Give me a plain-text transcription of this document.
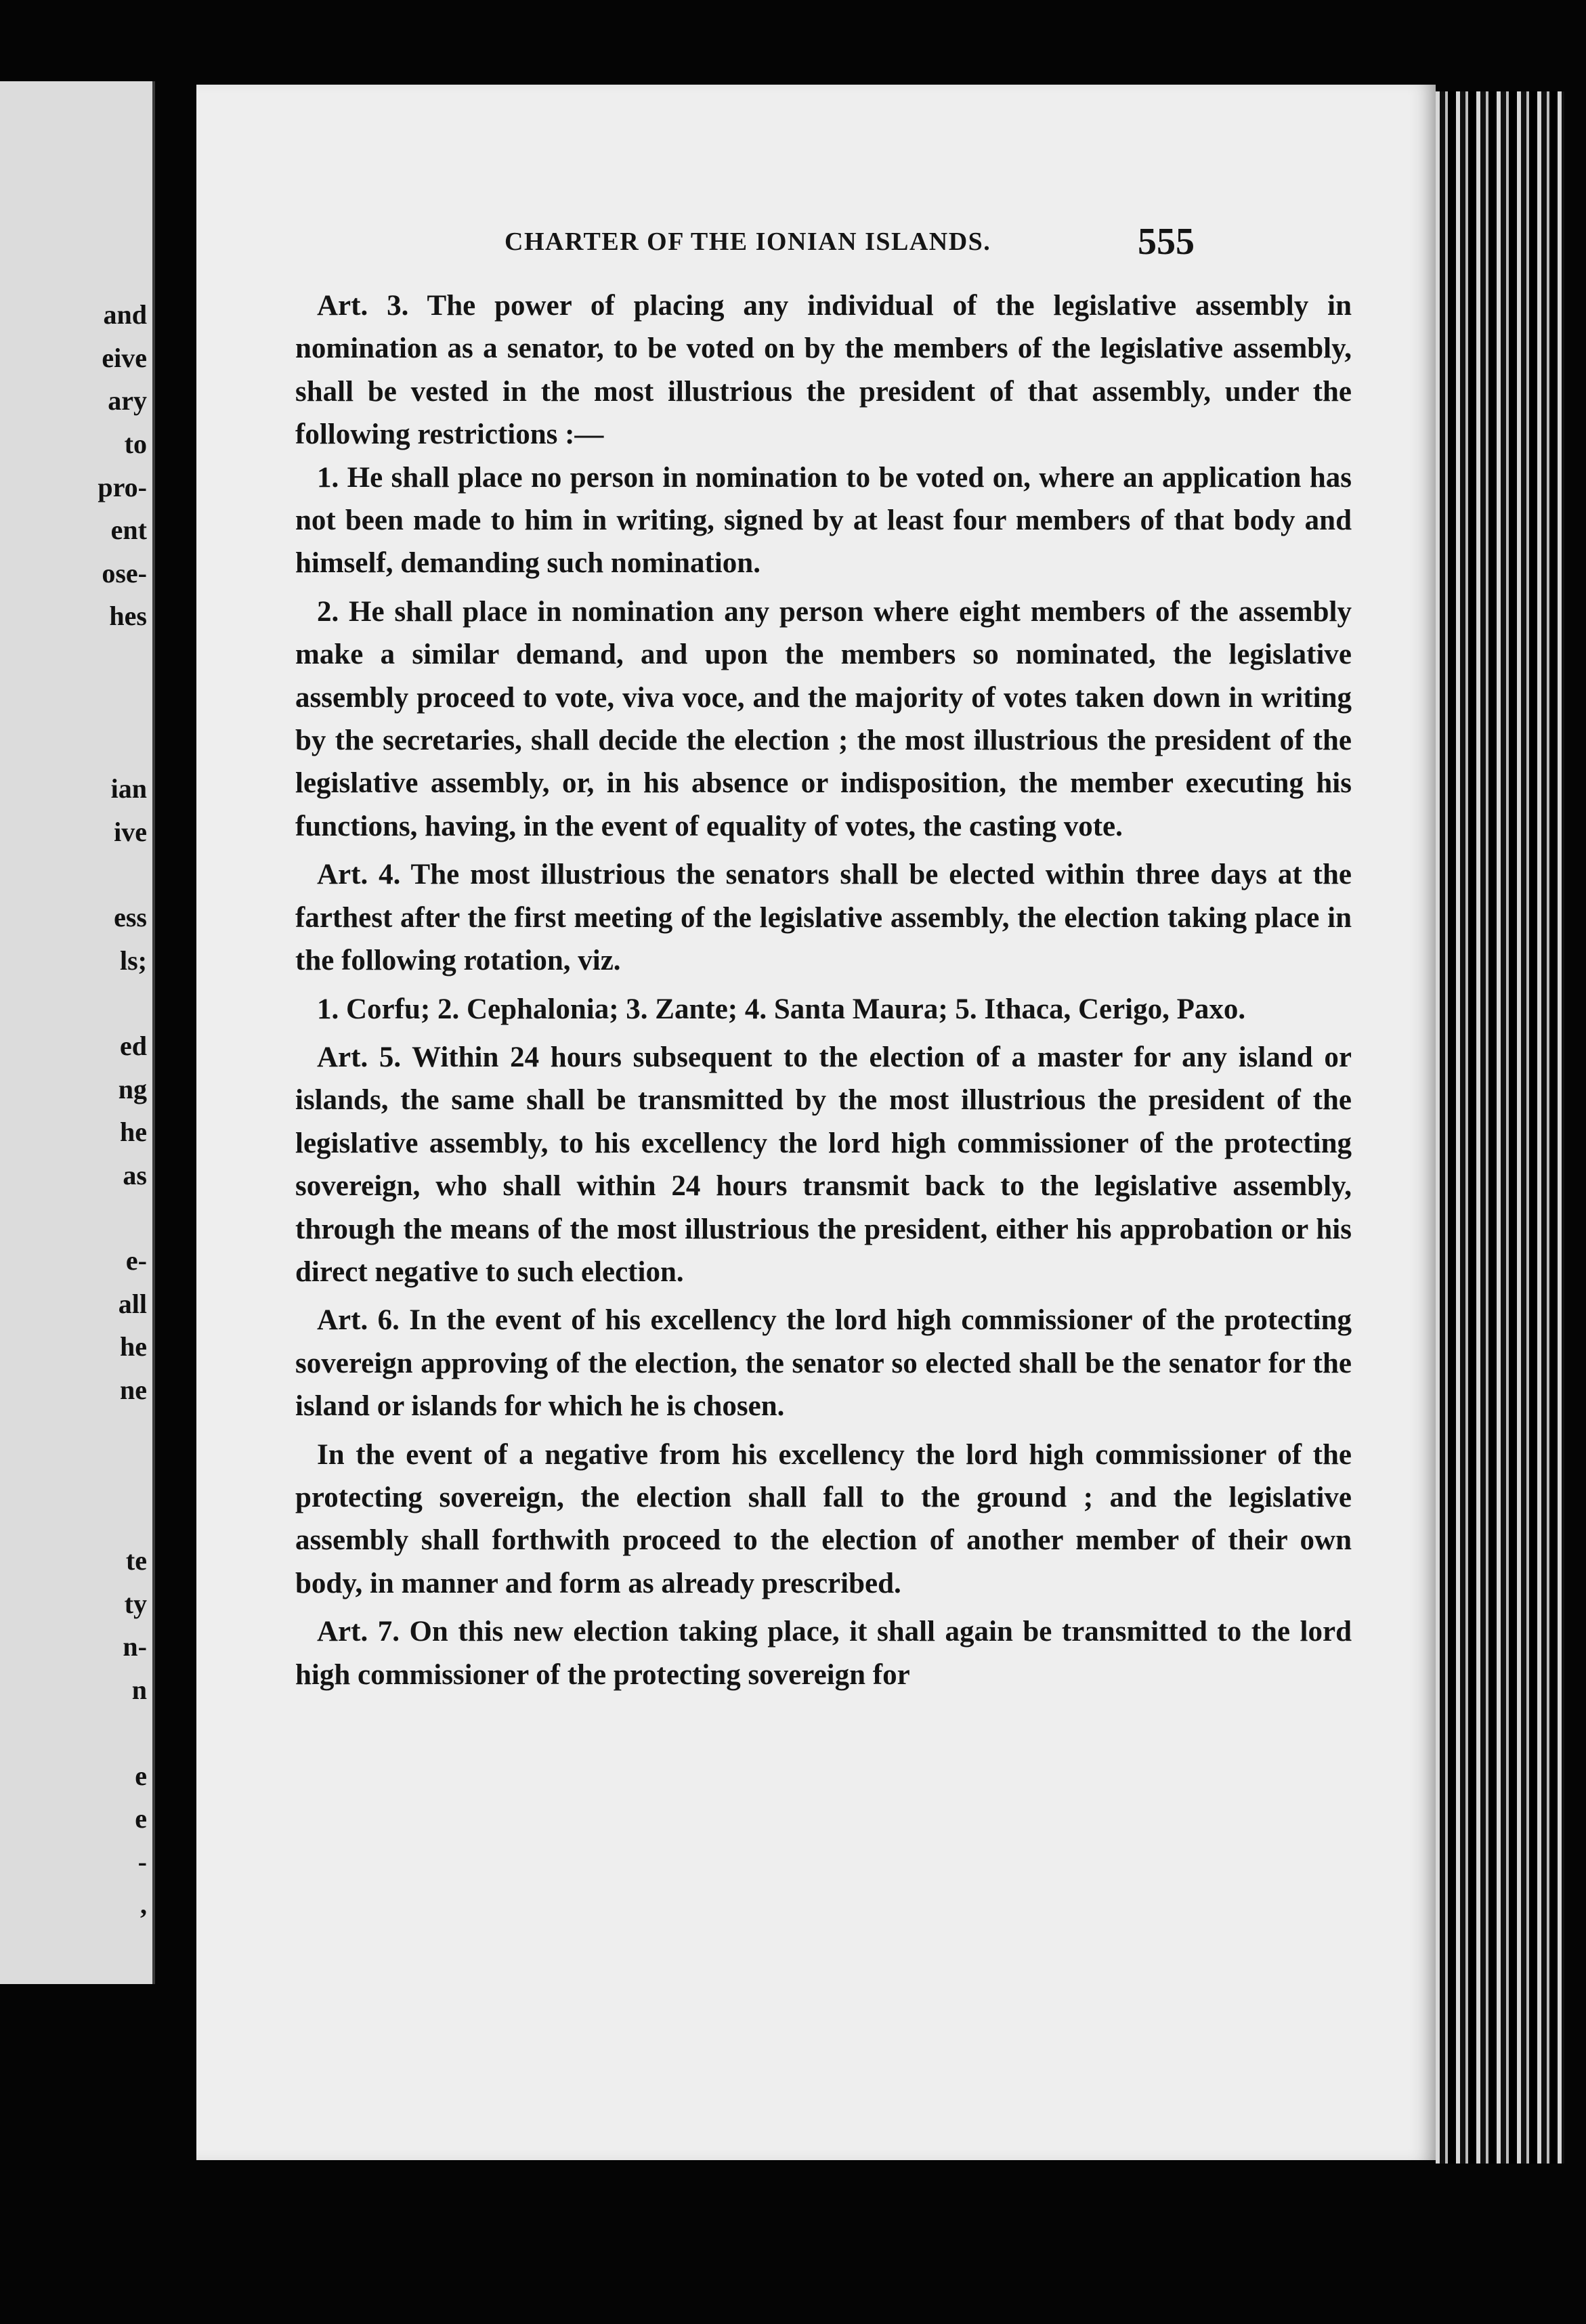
and
eive
ary
to
pro-
ent
ose-
hes
ian
ive
ess
ls;
ed
ng
he
as
e-
all
he
ne
te
ty
n-
n
e
e
-
,
CHARTER OF THE IONIAN ISLANDS.	555

Art. 3. The power of placing any individual of the legislative assembly in nomination as a senator, to be voted on by the members of the legislative assembly, shall be vested in the most illustrious the president of that assembly, under the following restrictions :—

1. He shall place no person in nomination to be voted on, where an application has not been made to him in writing, signed by at least four members of that body and himself, demanding such nomination.

2. He shall place in nomination any person where eight members of the assembly make a similar demand, and upon the members so nominated, the legislative assembly proceed to vote, viva voce, and the majority of votes taken down in writing by the secretaries, shall decide the election ; the most illustrious the president of the legislative assembly, or, in his absence or indisposition, the member executing his functions, having, in the event of equality of votes, the casting vote.

Art. 4. The most illustrious the senators shall be elected within three days at the farthest after the first meeting of the legislative assembly, the election taking place in the following rotation, viz.

1. Corfu; 2. Cephalonia; 3. Zante; 4. Santa Maura; 5. Ithaca, Cerigo, Paxo.

Art. 5. Within 24 hours subsequent to the election of a master for any island or islands, the same shall be transmitted by the most illustrious the president of the legislative assembly, to his excellency the lord high commissioner of the protecting sovereign, who shall within 24 hours transmit back to the legislative assembly, through the means of the most illustrious the president, either his approbation or his direct negative to such election.

Art. 6. In the event of his excellency the lord high commissioner of the protecting sovereign approving of the election, the senator so elected shall be the senator for the island or islands for which he is chosen.

In the event of a negative from his excellency the lord high commissioner of the protecting sovereign, the election shall fall to the ground ; and the legislative assembly shall forthwith proceed to the election of another member of their own body, in manner and form as already prescribed.

Art. 7. On this new election taking place, it shall again be transmitted to the lord high commissioner of the protecting sovereign for
